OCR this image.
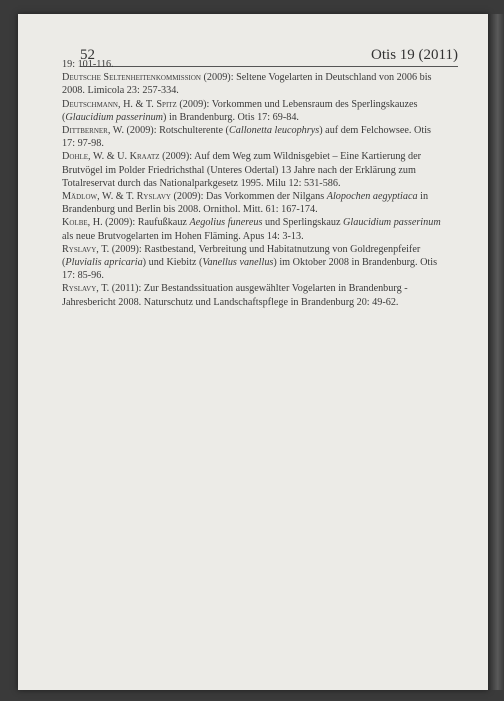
52	Otis 19 (2011)

19: 101-116.

Deutsche Seltenheitenkommission (2009): Seltene Vogelarten in Deutschland von 2006 bis 2008. Limicola 23: 257-334.

Deutschmann, H. & T. Spitz (2009): Vorkommen und Lebensraum des Sperlingskauzes (Glaucidium passerinum) in Brandenburg. Otis 17: 69-84.

Dittberner, W. (2009): Rotschulterente (Callonetta leucophrys) auf dem Felchowsee. Otis 17: 97-98.

Dohle, W. & U. Kraatz (2009): Auf dem Weg zum Wildnisgebiet – Eine Kartierung der Brutvögel im Polder Friedrichsthal (Unteres Odertal) 13 Jahre nach der Erklärung zum Totalreservat durch das Nationalparkgesetz 1995. Milu 12: 531-586.

Mädlow, W. & T. Ryslavy (2009): Das Vorkommen der Nilgans Alopochen aegyptiaca in Brandenburg und Berlin bis 2008. Ornithol. Mitt. 61: 167-174.

Kolbe, H. (2009): Raufußkauz Aegolius funereus und Sperlingskauz Glaucidium passerinum als neue Brutvogelarten im Hohen Fläming. Apus 14: 3-13.

Ryslavy, T. (2009): Rastbestand, Verbreitung und Habitatnutzung von Goldregenpfeifer (Pluvialis apricaria) und Kiebitz (Vanellus vanellus) im Oktober 2008 in Brandenburg. Otis 17: 85-96.

Ryslavy, T. (2011): Zur Bestandssituation ausgewählter Vogelarten in Brandenburg - Jahresbericht 2008. Naturschutz und Landschaftspflege in Brandenburg 20: 49-62.
